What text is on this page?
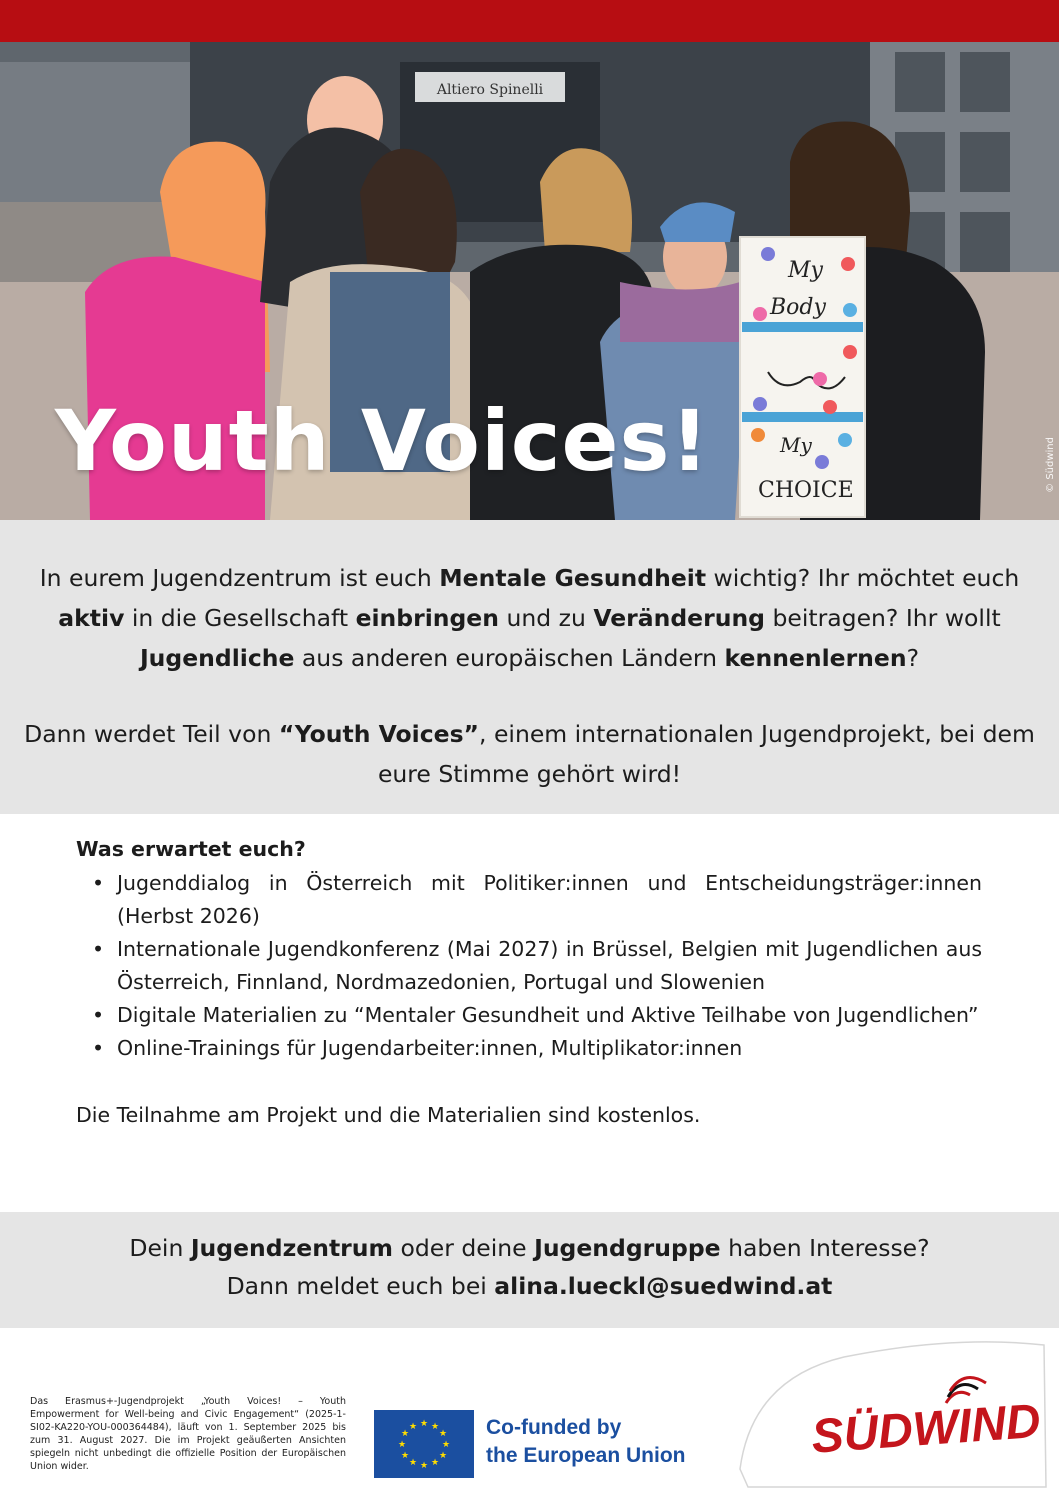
Altiero Spinelli
My
Body
My
CHOICE
Youth Voices!	© Südwind

In eurem Jugendzentrum ist euch Mentale Gesundheit wichtig? Ihr möchtet euch aktiv in die Gesellschaft einbringen und zu Veränderung beitragen? Ihr wollt Jugendliche aus anderen europäischen Ländern kennenlernen?

Dann werdet Teil von “Youth Voices”, einem internationalen Jugendprojekt, bei dem eure Stimme gehört wird!

Was erwartet euch?
• Jugenddialog in Österreich mit Politiker:innen und Entscheidungsträger:innen (Herbst 2026)
• Internationale Jugendkonferenz (Mai 2027) in Brüssel, Belgien mit Jugendlichen aus Österreich, Finnland, Nordmazedonien, Portugal und Slowenien
• Digitale Materialien zu “Mentaler Gesundheit und Aktive Teilhabe von Jugendlichen”
• Online-Trainings für Jugendarbeiter:innen, Multiplikator:innen

Die Teilnahme am Projekt und die Materialien sind kostenlos.

Dein Jugendzentrum oder deine Jugendgruppe haben Interesse?
Dann meldet euch bei alina.lueckl@suedwind.at
Das Erasmus+-Jugendprojekt „Youth Voices! – Youth Empowerment for Well-being and Civic Engagement“ (2025-1-SI02-KA220-YOU-000364484), läuft von 1. September 2025 bis zum 31. August 2027. Die im Projekt geäußerten Ansichten spiegeln nicht unbedingt die offizielle Position der Europäischen Union wider.
★ ★
★
★
★
★
★
★
★
★
★
★	Co-funded by
the European Union	SÜDWIND
